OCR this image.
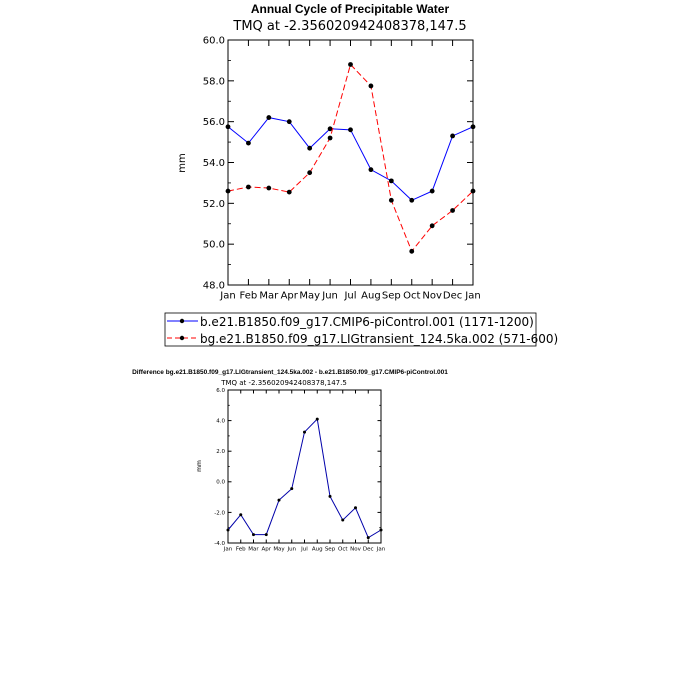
Annual Cycle of Precipitable Water
TMQ at -2.356020942408378,147.5
mm
48.0
50.0
52.0
54.0
56.0
58.0
60.0
Jan Feb Mar Apr May Jun Jul Aug Sep Oct Nov Dec Jan
b.e21.B1850.f09_g17.CMIP6-piControl.001 (1171-1200)
bg.e21.B1850.f09_g17.LIGtransient_124.5ka.002 (571-600)
Difference bg.e21.B1850.f09_g17.LIGtransient_124.5ka.002 - b.e21.B1850.f09_g17.CMIP6-piControl.001
TMQ at -2.356020942408378,147.5
mm
-4.0
-2.0
0.0
2.0
4.0
6.0
Jan Feb Mar Apr May Jun Jul Aug Sep Oct Nov Dec Jan
